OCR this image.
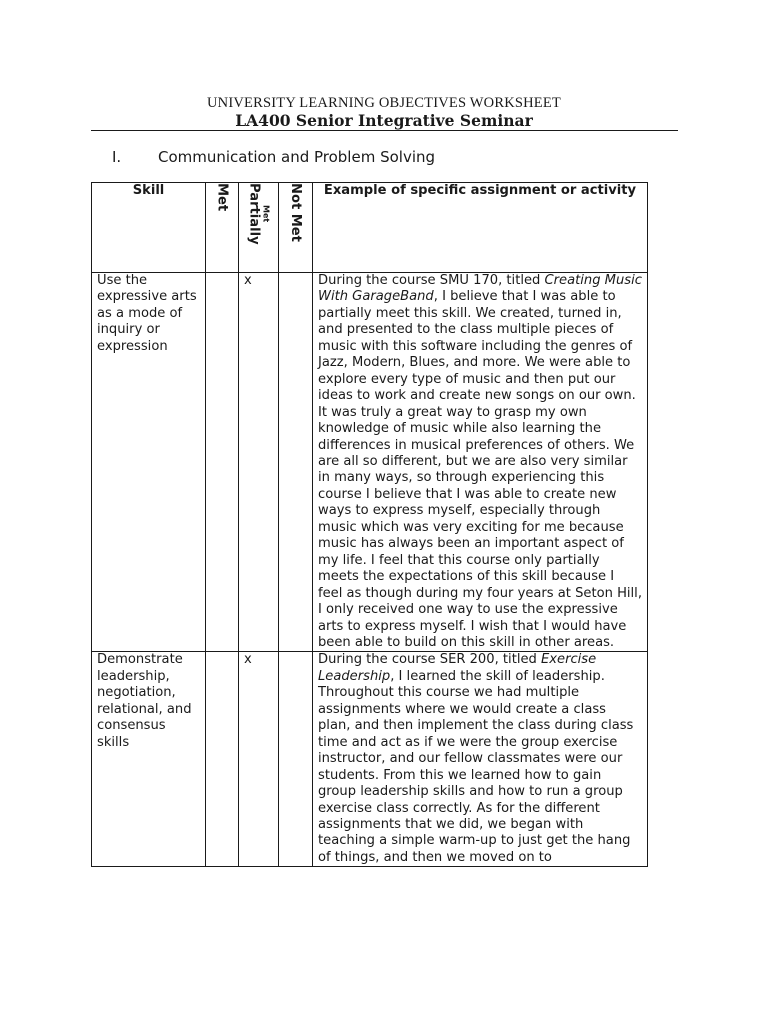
UNIVERSITY LEARNING OBJECTIVES WORKSHEET
LA400 Senior Integrative Seminar
I. Communication and Problem Solving
Skill	Met	Partially Met	Not Met	Example of specific assignment or activity
Use the expressive arts as a mode of inquiry or expression		x		During the course SMU 170, titled Creating Music With GarageBand, I believe that I was able to partially meet this skill. We created, turned in, and presented to the class multiple pieces of music with this software including the genres of Jazz, Modern, Blues, and more. We were able to explore every type of music and then put our ideas to work and create new songs on our own. It was truly a great way to grasp my own knowledge of music while also learning the differences in musical preferences of others. We are all so different, but we are also very similar in many ways, so through experiencing this course I believe that I was able to create new ways to express myself, especially through music which was very exciting for me because music has always been an important aspect of my life. I feel that this course only partially meets the expectations of this skill because I feel as though during my four years at Seton Hill, I only received one way to use the expressive arts to express myself. I wish that I would have been able to build on this skill in other areas.
Demonstrate leadership, negotiation, relational, and consensus skills		x		During the course SER 200, titled Exercise Leadership, I learned the skill of leadership. Throughout this course we had multiple assignments where we would create a class plan, and then implement the class during class time and act as if we were the group exercise instructor, and our fellow classmates were our students. From this we learned how to gain group leadership skills and how to run a group exercise class correctly. As for the different assignments that we did, we began with teaching a simple warm-up to just get the hang of things, and then we moved on to
